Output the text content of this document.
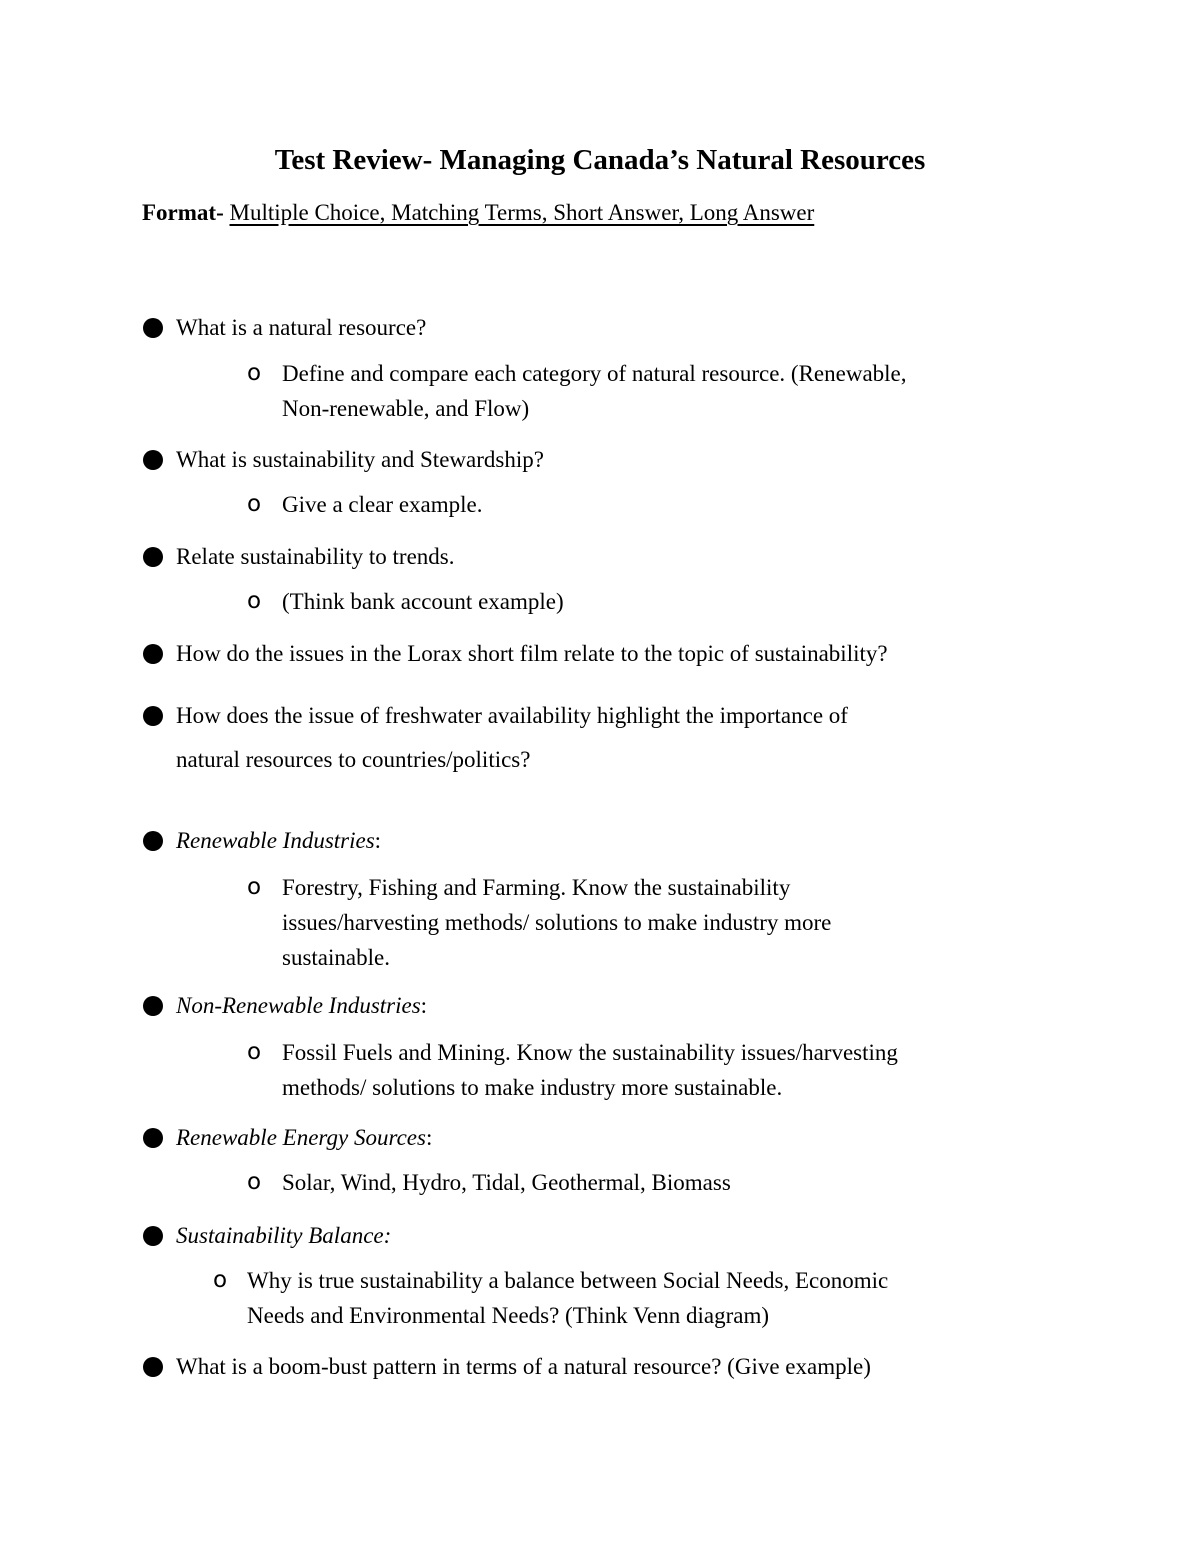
Test Review- Managing Canada’s Natural Resources
Format- Multiple Choice, Matching Terms, Short Answer, Long Answer
What is a natural resource?
o Define and compare each category of natural resource. (Renewable,
Non-renewable, and Flow)
What is sustainability and Stewardship?
o Give a clear example.
Relate sustainability to trends.
o (Think bank account example)
How do the issues in the Lorax short film relate to the topic of sustainability?
How does the issue of freshwater availability highlight the importance of
natural resources to countries/politics?
Renewable Industries:
o Forestry, Fishing and Farming. Know the sustainability
issues/harvesting methods/ solutions to make industry more
sustainable.
Non-Renewable Industries:
o Fossil Fuels and Mining. Know the sustainability issues/harvesting
methods/ solutions to make industry more sustainable.
Renewable Energy Sources:
o Solar, Wind, Hydro, Tidal, Geothermal, Biomass
Sustainability Balance:
o Why is true sustainability a balance between Social Needs, Economic
Needs and Environmental Needs? (Think Venn diagram)
What is a boom-bust pattern in terms of a natural resource? (Give example)
